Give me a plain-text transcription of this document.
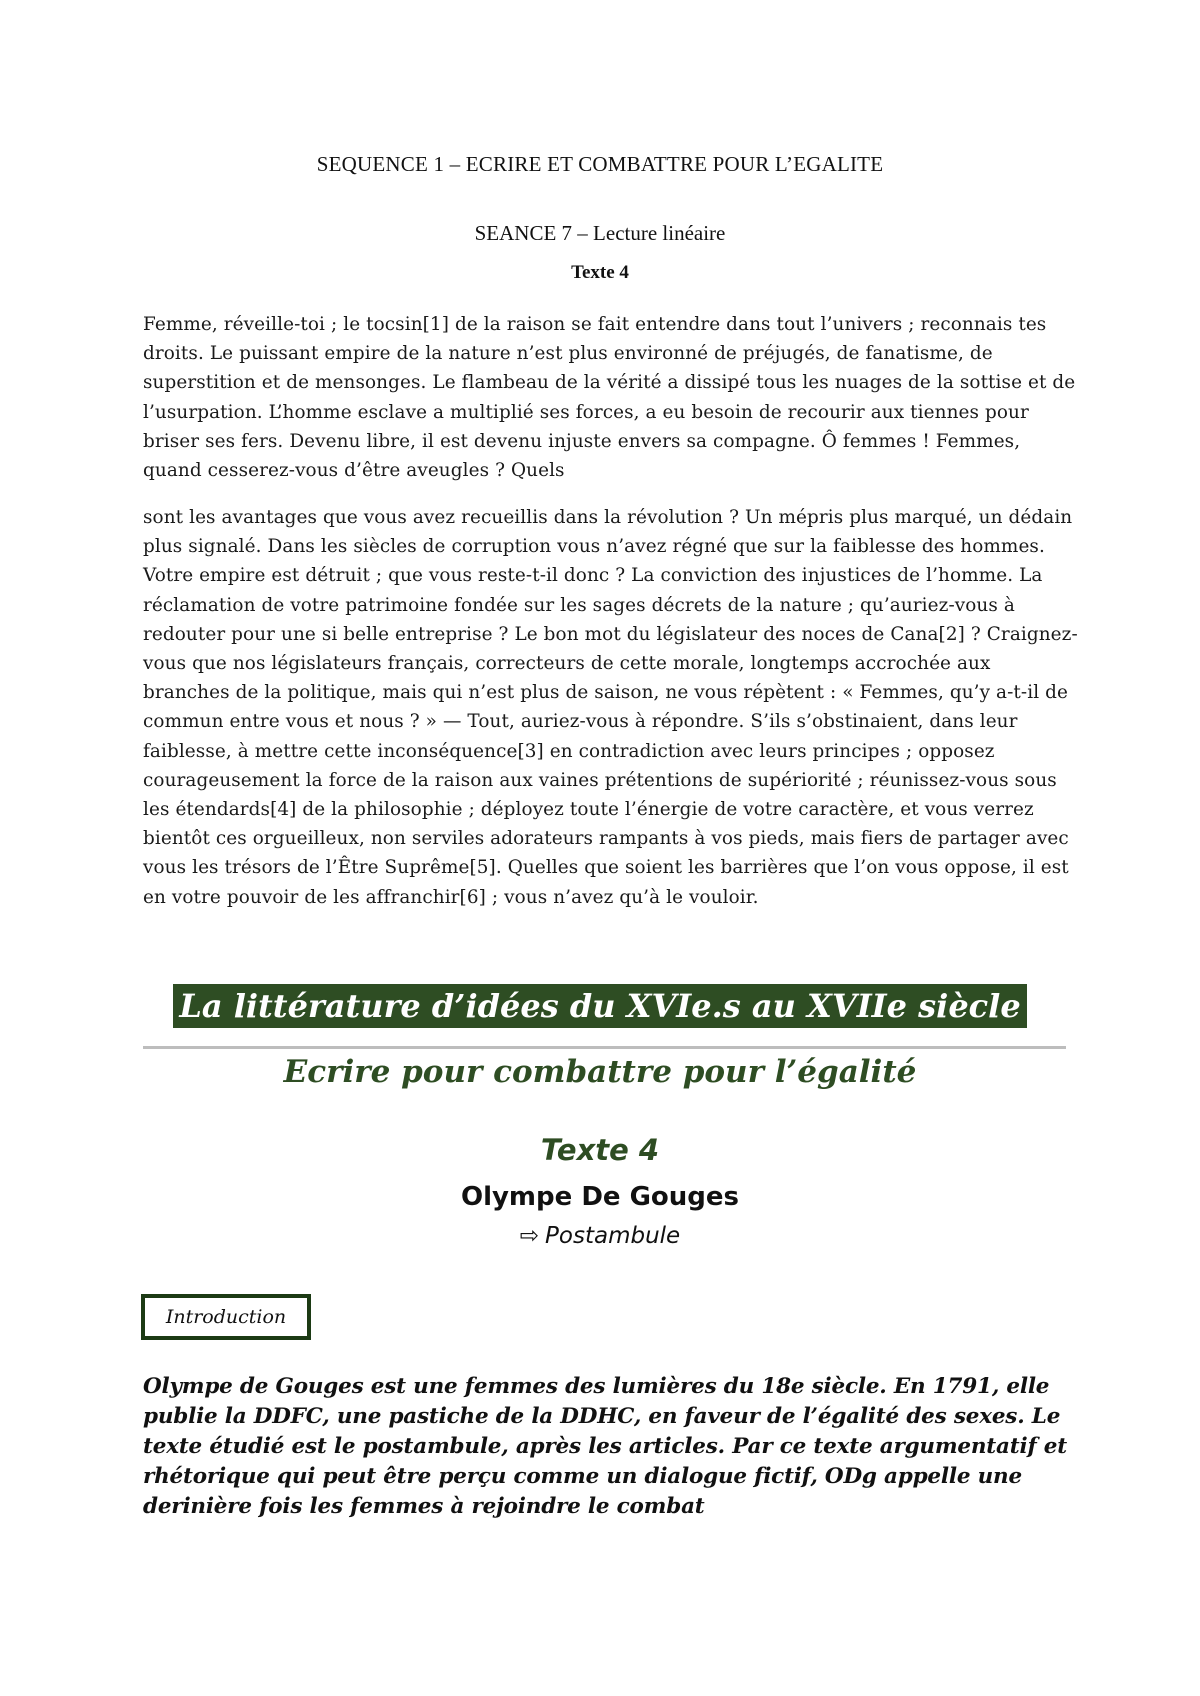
SEQUENCE 1 – ECRIRE ET COMBATTRE POUR L’EGALITE
SEANCE 7 – Lecture linéaire
Texte 4

Femme, réveille-toi ; le tocsin[1] de la raison se fait entendre dans tout l’univers ; reconnais tes droits. Le puissant empire de la nature n’est plus environné de préjugés, de fanatisme, de superstition et de mensonges. Le flambeau de la vérité a dissipé tous les nuages de la sottise et de l’usurpation. L’homme esclave a multiplié ses forces, a eu besoin de recourir aux tiennes pour briser ses fers. Devenu libre, il est devenu injuste envers sa compagne. Ô femmes ! Femmes, quand cesserez-vous d’être aveugles ? Quels

sont les avantages que vous avez recueillis dans la révolution ? Un mépris plus marqué, un dédain plus signalé. Dans les siècles de corruption vous n’avez régné que sur la faiblesse des hommes. Votre empire est détruit ; que vous reste-t-il donc ? La conviction des injustices de l’homme. La réclamation de votre patrimoine fondée sur les sages décrets de la nature ; qu’auriez-vous à redouter pour une si belle entreprise ? Le bon mot du législateur des noces de Cana[2] ? Craignez-vous que nos législateurs français, correcteurs de cette morale, longtemps accrochée aux branches de la politique, mais qui n’est plus de saison, ne vous répètent : « Femmes, qu’y a-t-il de commun entre vous et nous ? » — Tout, auriez-vous à répondre. S’ils s’obstinaient, dans leur faiblesse, à mettre cette inconséquence[3] en contradiction avec leurs principes ; opposez courageusement la force de la raison aux vaines prétentions de supériorité ; réunissez-vous sous les étendards[4] de la philosophie ; déployez toute l’énergie de votre caractère, et vous verrez bientôt ces orgueilleux, non serviles adorateurs rampants à vos pieds, mais fiers de partager avec vous les trésors de l’Être Suprême[5]. Quelles que soient les barrières que l’on vous oppose, il est en votre pouvoir de les affranchir[6] ; vous n’avez qu’à le vouloir.

La littérature d’idées du XVIe.s au XVIIe siècle
Ecrire pour combattre pour l’égalité
Texte 4
Olympe De Gouges
⇨ Postambule
Introduction
Olympe de Gouges est une femmes des lumières du 18e siècle. En 1791, elle publie la DDFC, une pastiche de la DDHC, en faveur de l’égalité des sexes. Le texte étudié est le postambule, après les articles. Par ce texte argumentatif et rhétorique qui peut être perçu comme un dialogue fictif, ODg appelle une derinière fois les femmes à rejoindre le combat
